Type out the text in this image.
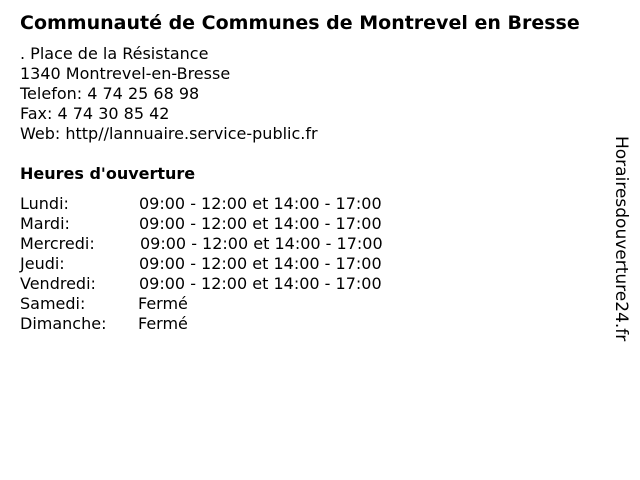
Communauté de Communes de Montrevel en Bresse
. Place de la Résistance
1340 Montrevel-en-Bresse
Telefon: 4 74 25 68 98
Fax: 4 74 30 85 42
Web: http//lannuaire.service-public.fr
Heures d'ouverture
Lundi:	09:00 - 12:00 et 14:00 - 17:00
Mardi:	09:00 - 12:00 et 14:00 - 17:00
Mercredi:	09:00 - 12:00 et 14:00 - 17:00
Jeudi:	09:00 - 12:00 et 14:00 - 17:00
Vendredi:	09:00 - 12:00 et 14:00 - 17:00
Samedi:	Fermé
Dimanche: Fermé	Horairesdouverture24.fr
